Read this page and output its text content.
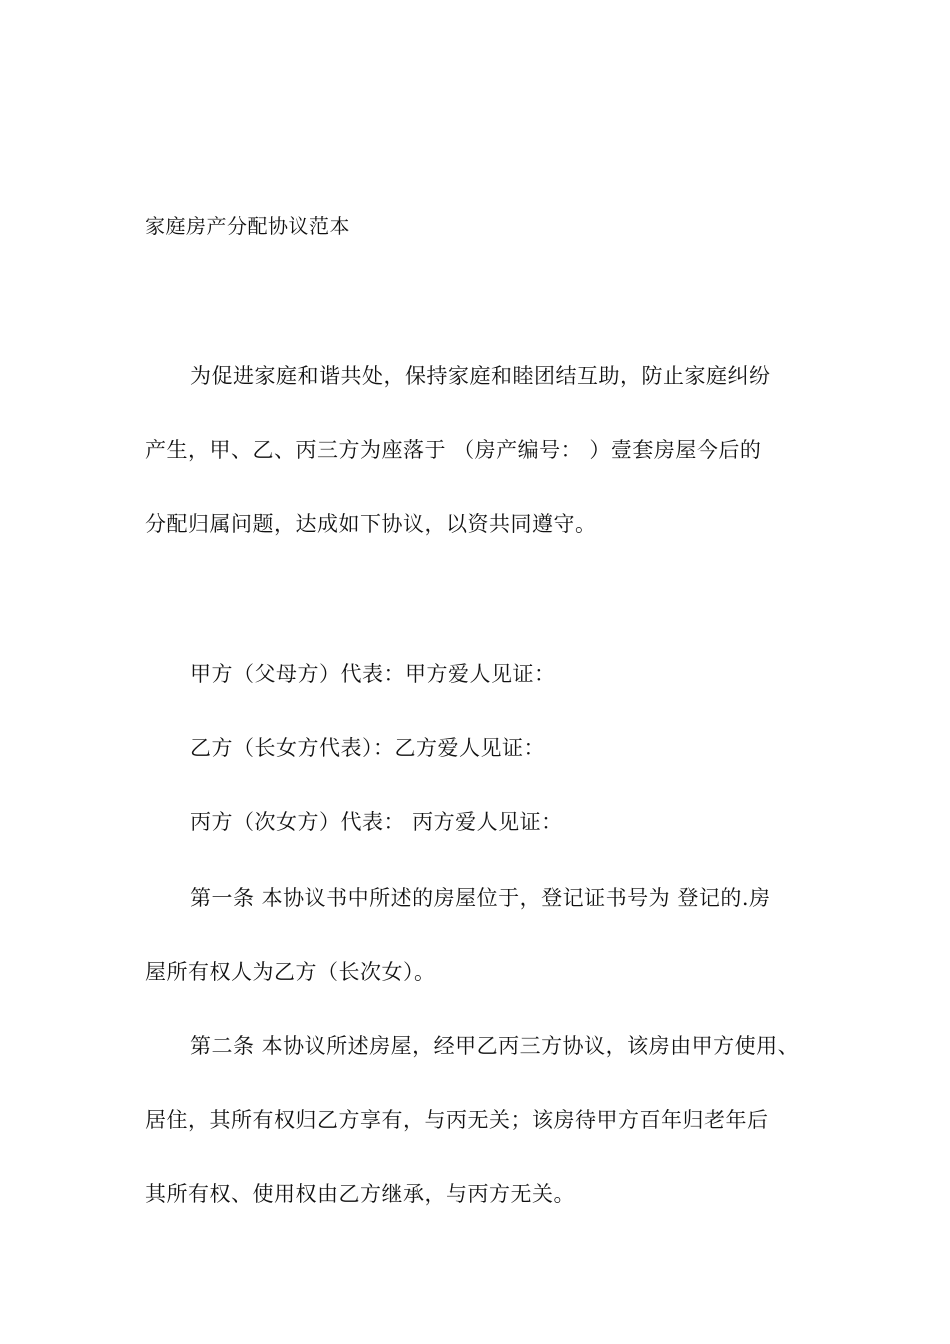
家庭房产分配协议范本
为促进家庭和谐共处，保持家庭和睦团结互助，防止家庭纠纷
产生，甲、乙、丙三方为座落于 （房产编号： ）壹套房屋今后的
分配归属问题，达成如下协议，以资共同遵守。
甲方（父母方）代表：甲方爱人见证：
乙方（长女方代表）：乙方爱人见证：
丙方（次女方）代表： 丙方爱人见证：
第一条 本协议书中所述的房屋位于，登记证书号为 登记的.房
屋所有权人为乙方（长次女）。
第二条 本协议所述房屋，经甲乙丙三方协议，该房由甲方使用、
居住，其所有权归乙方享有，与丙无关；该房待甲方百年归老年后
其所有权、使用权由乙方继承，与丙方无关。
